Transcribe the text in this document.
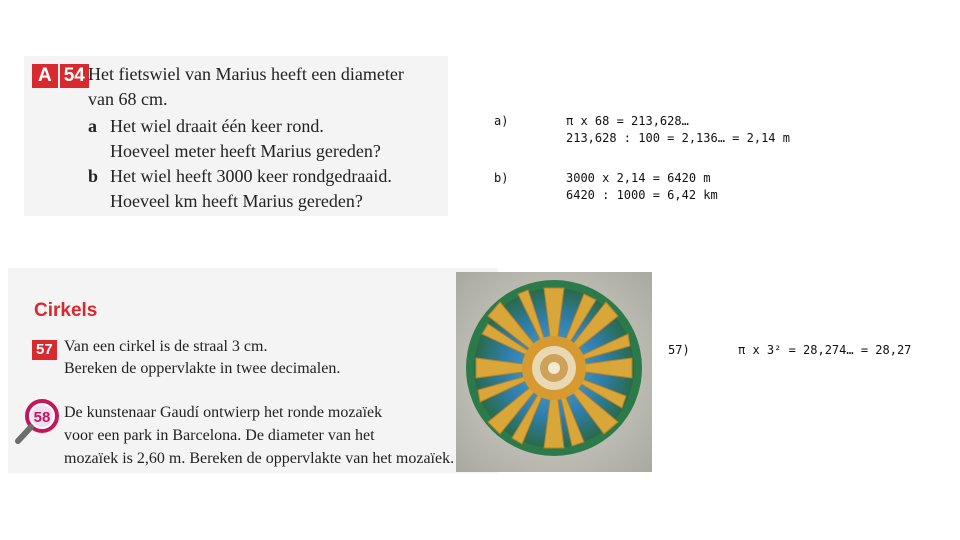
A 54 Het fietswiel van Marius heeft een diameter
van 68 cm.
a Het wiel draait één keer rond.
Hoeveel meter heeft Marius gereden?
b Het wiel heeft 3000 keer rondgedraaid.
Hoeveel km heeft Marius gereden?
a)	π x 68 = 213,628…
213,628 : 100 = 2,136… = 2,14 m
b)	3000 x 2,14 = 6420 m
6420 : 1000 = 6,42 km
Cirkels
57 Van een cirkel is de straal 3 cm.
Bereken de oppervlakte in twee decimalen.
58 De kunstenaar Gaudí ontwierp het ronde mozaïek
voor een park in Barcelona. De diameter van het
mozaïek is 2,60 m. Bereken de oppervlakte van het mozaïek.
57)	π x 3² = 28,274… = 28,27
